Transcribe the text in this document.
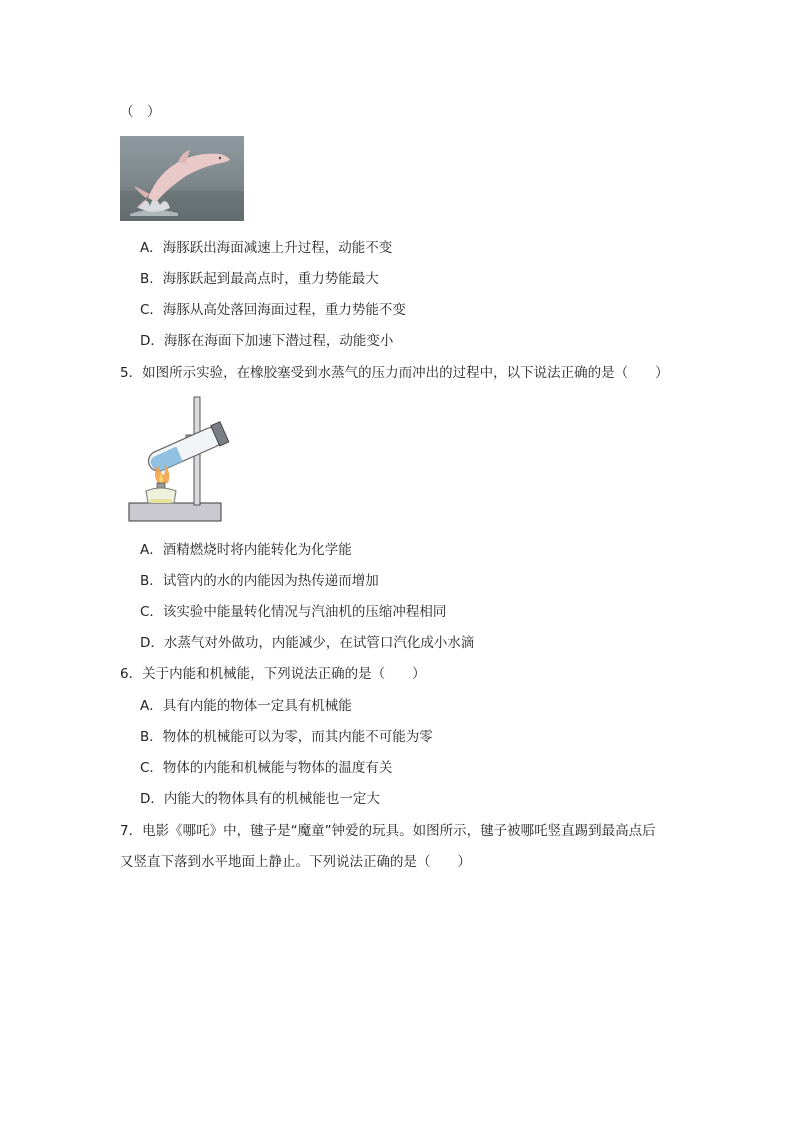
（　）
A．海豚跃出海面减速上升过程，动能不变
B．海豚跃起到最高点时，重力势能最大
C．海豚从高处落回海面过程，重力势能不变
D．海豚在海面下加速下潜过程，动能变小
5．如图所示实验，在橡胶塞受到水蒸气的压力而冲出的过程中，以下说法正确的是（　　）
A．酒精燃烧时将内能转化为化学能
B．试管内的水的内能因为热传递而增加
C．该实验中能量转化情况与汽油机的压缩冲程相同
D．水蒸气对外做功，内能减少，在试管口汽化成小水滴
6．关于内能和机械能，下列说法正确的是（　　）
A．具有内能的物体一定具有机械能
B．物体的机械能可以为零，而其内能不可能为零
C．物体的内能和机械能与物体的温度有关
D．内能大的物体具有的机械能也一定大
7．电影《哪吒》中，毽子是“魔童”钟爱的玩具。如图所示，毽子被哪吒竖直踢到最高点后
又竖直下落到水平地面上静止。下列说法正确的是（　　）
